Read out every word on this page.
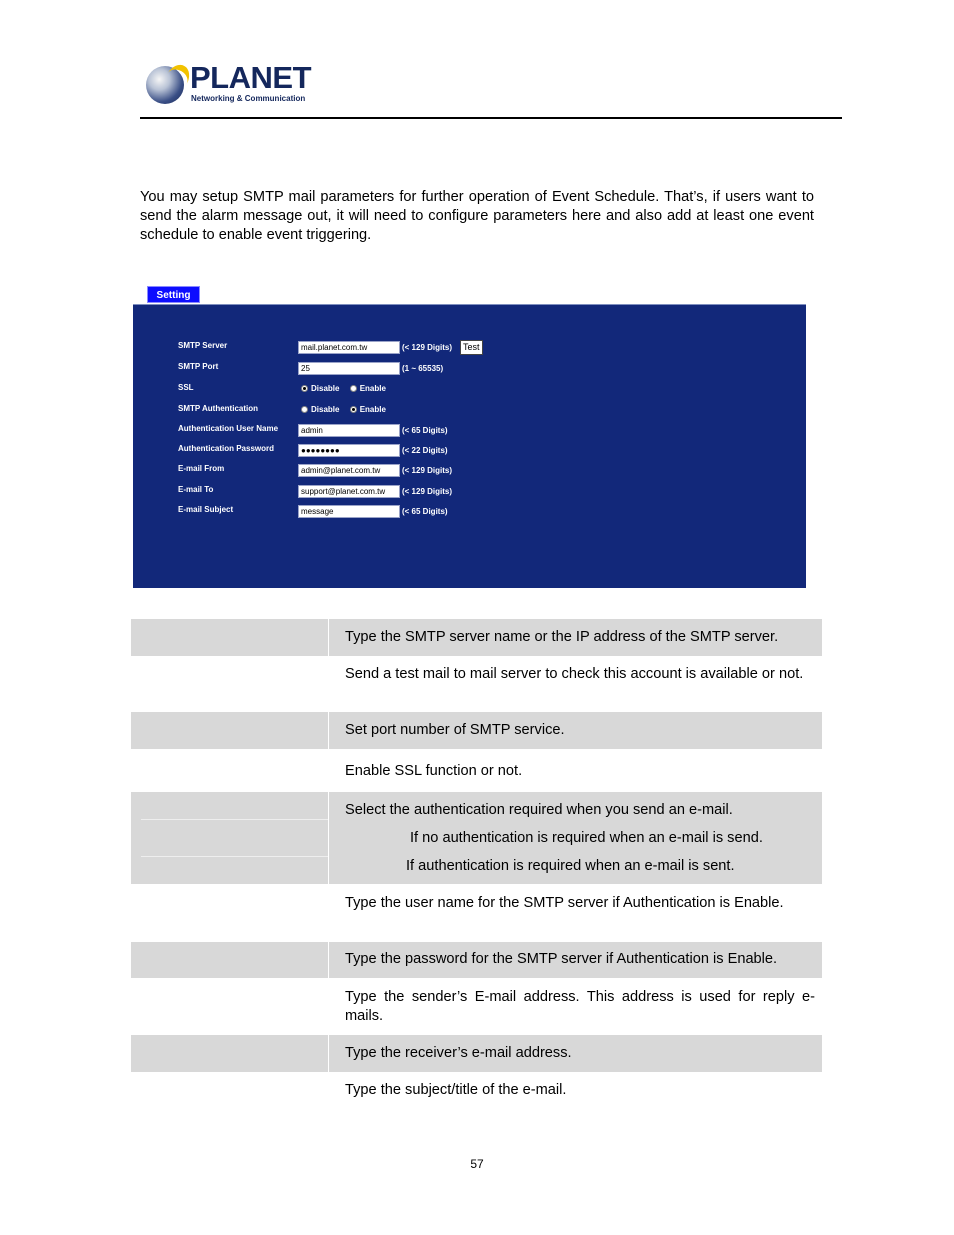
PLANET
Networking & Communication

You may setup SMTP mail parameters for further operation of Event Schedule. That’s, if users want to send the alarm message out, it will need to configure parameters here and also add at least one event schedule to enable event triggering.

Setting
SMTP Server	mail.planet.com.tw	(< 129 Digits)	Test
SMTP Port	25	(1 ~ 65535)
SSL	Disable	Enable
SMTP Authentication	Disable	Enable
Authentication User Name	admin	(< 65 Digits)
Authentication Password	●●●●●●●●	(< 22 Digits)
E-mail From	admin@planet.com.tw	(< 129 Digits)
E-mail To	support@planet.com.tw	(< 129 Digits)
E-mail Subject	message	(< 65 Digits)
Type the SMTP server name or the IP address of the SMTP server.
Send a test mail to mail server to check this account is available or not.
Set port number of SMTP service.
Enable SSL function or not.
Select the authentication required when you send an e-mail.
If no authentication is required when an e-mail is send.
If authentication is required when an e-mail is sent.
Type the user name for the SMTP server if Authentication is Enable.
Type the password for the SMTP server if Authentication is Enable.
Type the sender’s E-mail address. This address is used for reply e-mails.
Type the receiver’s e-mail address.
Type the subject/title of the e-mail.
57
